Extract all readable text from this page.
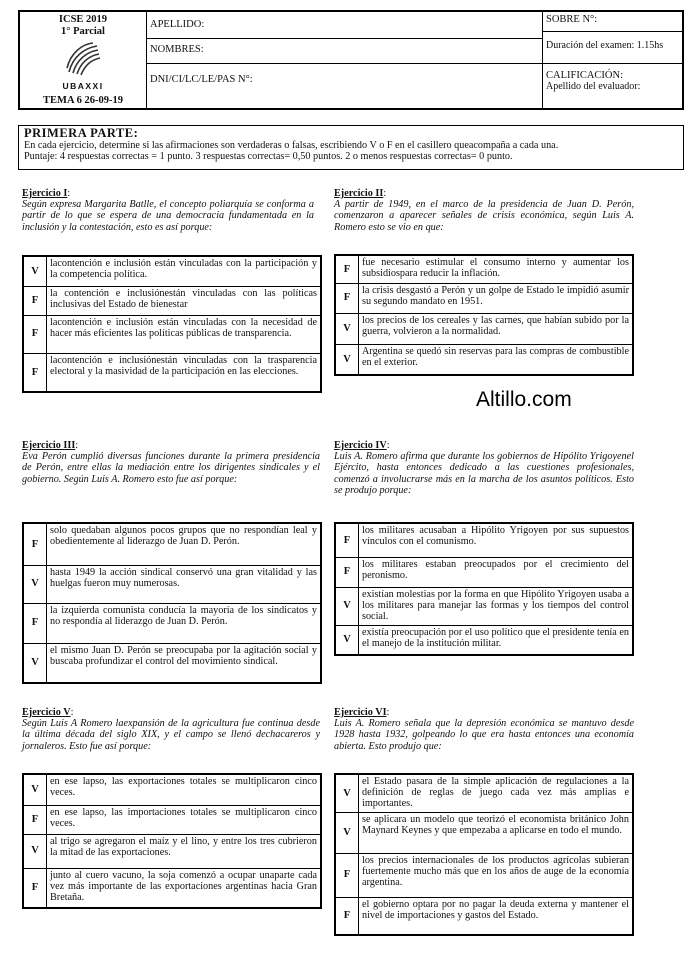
ICSE 2019
1° Parcial
UBAXXI
TEMA 6 26-09-19
APELLIDO:
NOMBRES:
DNI/CI/LC/LE/PAS N°:
SOBRE N°:
Duración del examen: 1.15hs
CALIFICACIÓN:
Apellido del evaluador:
PRIMERA PARTE:
En cada ejercicio, determine si las afirmaciones son verdaderas o falsas, escribiendo V o F en el casillero queacompaña a cada una.
Puntaje: 4 respuestas correctas = 1 punto. 3 respuestas correctas= 0,50 puntos. 2 o menos respuestas correctas= 0 punto.
Ejercicio I:
Según expresa Margarita Batlle, el concepto poliarquía se conforma a partir de lo que se espera de una democracia fundamentada en la inclusión y la contestación, esto es así porque:
V	lacontención e inclusión están vinculadas con la participación y la competencia política.
F	la contención e inclusiónestán vinculadas con las políticas inclusivas del Estado de bienestar
F	lacontención e inclusión están vinculadas con la necesidad de hacer más eficientes las políticas públicas de transparencia.
F	lacontención e inclusiónestán vinculadas con la trasparencia electoral y la masividad de la participación en las elecciones.
Ejercicio II:
A partir de 1949, en el marco de la presidencia de Juan D. Perón, comenzaron a aparecer señales de crisis económica, según Luis A. Romero esto se vio en que:
F	fue necesario estimular el consumo interno y aumentar los subsidiospara reducir la inflación.
F	la crisis desgastó a Perón y un golpe de Estado le impidió asumir su segundo mandato en 1951.
V	los precios de los cereales y las carnes, que habían subido por la guerra, volvieron a la normalidad.
V	Argentina se quedó sin reservas para las compras de combustible en el exterior.
Ejercicio III:
Eva Perón cumplió diversas funciones durante la primera presidencia de Perón, entre ellas la mediación entre los dirigentes sindicales y el gobierno. Según Luis A. Romero esto fue así porque:
F	solo quedaban algunos pocos grupos que no respondían leal y obedientemente al liderazgo de Juan D. Perón.
V	hasta 1949 la acción sindical conservó una gran vitalidad y las huelgas fueron muy numerosas.
F	la izquierda comunista conducía la mayoría de los sindicatos y no respondía al liderazgo de Juan D. Perón.
V	el mismo Juan D. Perón se preocupaba por la agitación social y buscaba profundizar el control del movimiento sindical.
Ejercicio IV:
Luis A. Romero afirma que durante los gobiernos de Hipólito Yrigoyenel Ejército, hasta entonces dedicado a las cuestiones profesionales, comenzó a involucrarse más en la marcha de los asuntos políticos. Esto se produjo porque:
F	los militares acusaban a Hipólito Yrigoyen por sus supuestos vínculos con el comunismo.
F	los militares estaban preocupados por el crecimiento del peronismo.
V	existían molestias por la forma en que Hipólito Yrigoyen usaba a los militares para manejar las formas y los tiempos del control social.
V	existía preocupación por el uso político que el presidente tenía en el manejo de la institución militar.
Ejercicio V:
Según Luis A Romero laexpansión de la agricultura fue continua desde la última década del siglo XIX, y el campo se llenó dechacareros y jornaleros. Esto fue así porque:
V	en ese lapso, las exportaciones totales se multiplicaron cinco veces.
F	en ese lapso, las importaciones totales se multiplicaron cinco veces.
V	al trigo se agregaron el maíz y el lino, y entre los tres cubrieron la mitad de las exportaciones.
F	junto al cuero vacuno, la soja comenzó a ocupar unaparte cada vez más importante de las exportaciones argentinas hacia Gran Bretaña.
Ejercicio VI:
Luis A. Romero señala que la depresión económica se mantuvo desde 1928 hasta 1932, golpeando lo que era hasta entonces una economía abierta. Esto produjo que:
V	el Estado pasara de la simple aplicación de regulaciones a la definición de reglas de juego cada vez más amplias e importantes.
V	se aplicara un modelo que teorizó el economista británico John Maynard Keynes y que empezaba a aplicarse en todo el mundo.
F	los precios internacionales de los productos agrícolas subieran fuertemente mucho más que en los años de auge de la economía argentina.
F	el gobierno optara por no pagar la deuda externa y mantener el nivel de importaciones y gastos del Estado.
Altillo.com
